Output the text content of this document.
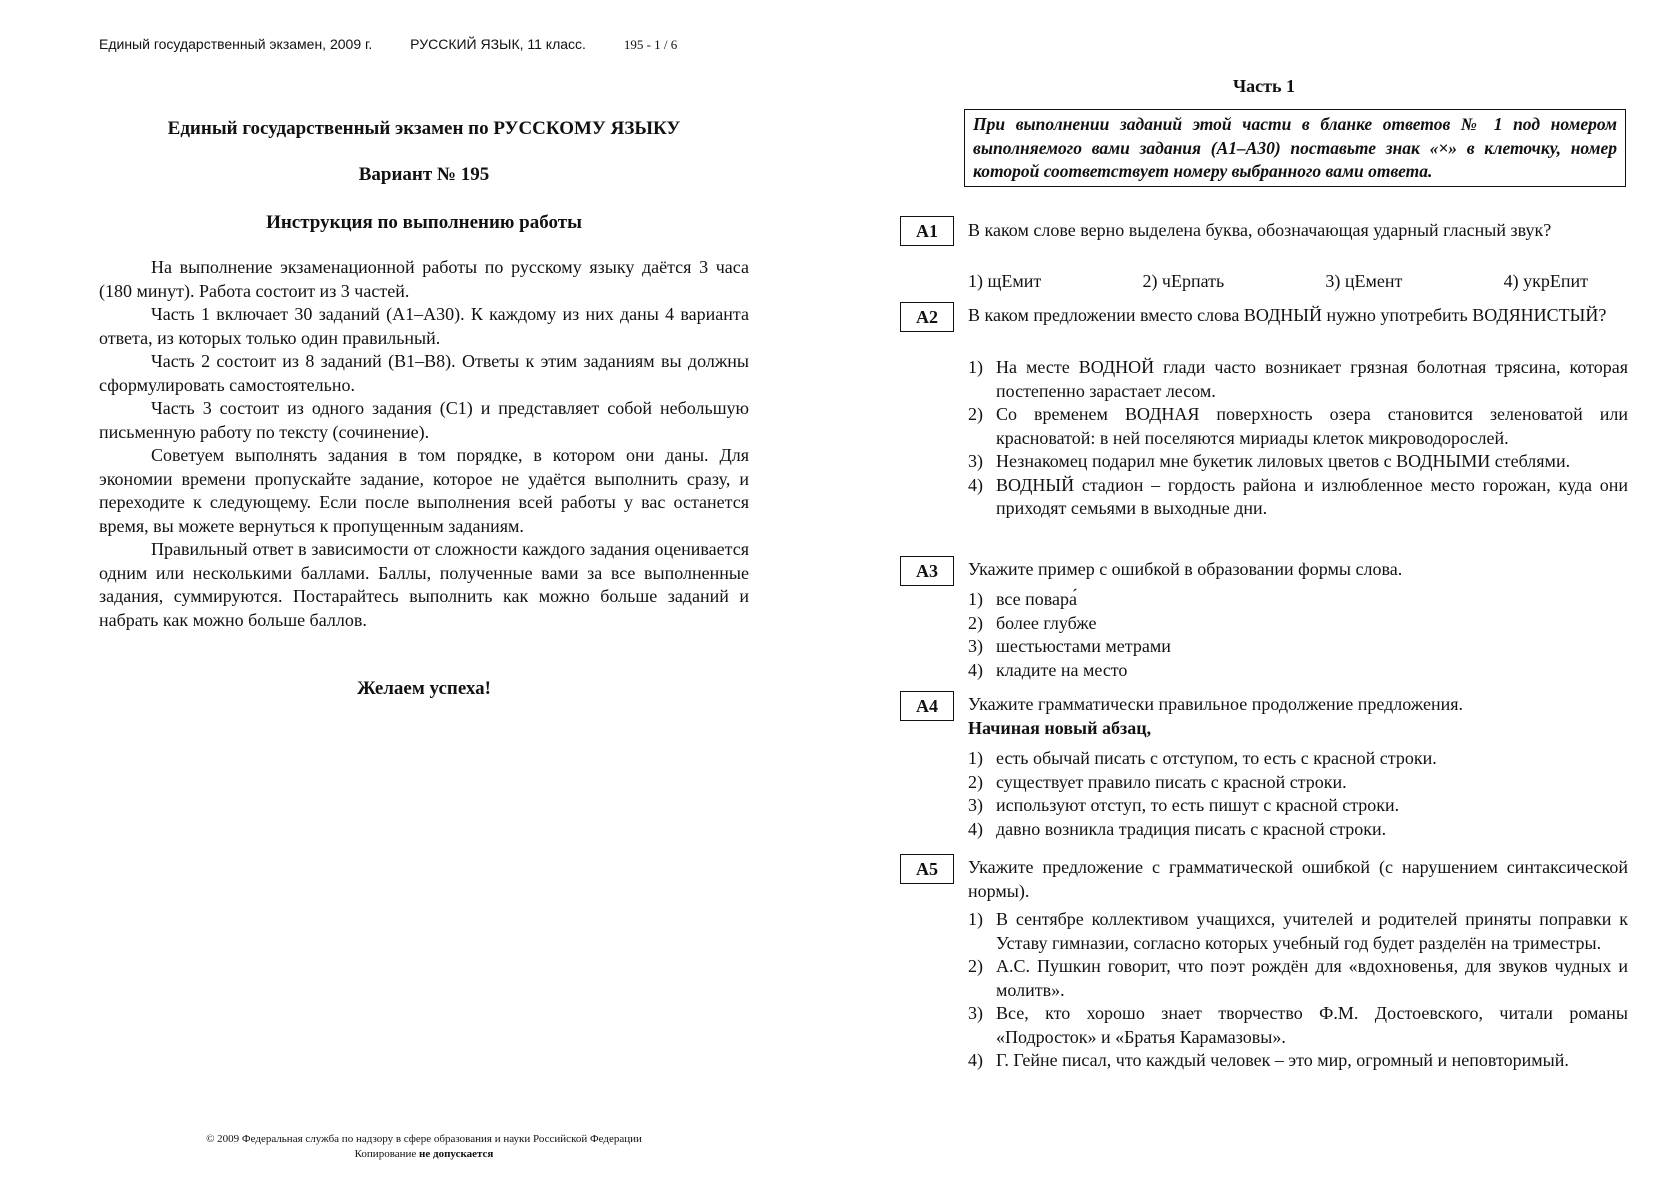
Единый государственный экзамен, 2009 г.	РУССКИЙ ЯЗЫК, 11 класс.	195 - 1 / 6
Единый государственный экзамен по РУССКОМУ ЯЗЫКУ
Вариант № 195
Инструкция по выполнению работы

На выполнение экзаменационной работы по русскому языку даётся 3 часа (180 минут). Работа состоит из 3 частей.

Часть 1 включает 30 заданий (А1–А30). К каждому из них даны 4 варианта ответа, из которых только один правильный.

Часть 2 состоит из 8 заданий (В1–В8). Ответы к этим заданиям вы должны сформулировать самостоятельно.

Часть 3 состоит из одного задания (С1) и представляет собой небольшую письменную работу по тексту (сочинение).

Советуем выполнять задания в том порядке, в котором они даны. Для экономии времени пропускайте задание, которое не удаётся выполнить сразу, и переходите к следующему. Если после выполнения всей работы у вас останется время, вы можете вернуться к пропущенным заданиям.

Правильный ответ в зависимости от сложности каждого задания оценивается одним или несколькими баллами. Баллы, полученные вами за все выполненные задания, суммируются. Постарайтесь выполнить как можно больше заданий и набрать как можно больше баллов.

Желаем успеха!
© 2009 Федеральная служба по надзору в сфере образования и науки Российской Федерации
Копирование не допускается
Часть 1
При выполнении заданий этой части в бланке ответов № 1 под номером выполняемого вами задания (А1–А30) поставьте знак «×» в клеточку, номер которой соответствует номеру выбранного вами ответа.
А1	В каком слове верно выделена буква, обозначающая ударный гласный звук?
1) щЕмит	2) чЕрпать	3) цЕмент	4) укрЕпит
А2	В каком предложении вместо слова ВОДНЫЙ нужно употребить ВОДЯНИСТЫЙ?
1) На месте ВОДНОЙ глади часто возникает грязная болотная трясина, которая постепенно зарастает лесом.
2) Со временем ВОДНАЯ поверхность озера становится зеленоватой или красноватой: в ней поселяются мириады клеток микроводорослей.
3) Незнакомец подарил мне букетик лиловых цветов с ВОДНЫМИ стеблями.
4) ВОДНЫЙ стадион – гордость района и излюбленное место горожан, куда они приходят семьями в выходные дни.
А3	Укажите пример с ошибкой в образовании формы слова.
1) все повара́
2) более глубже
3) шестьюстами метрами
4) кладите на место
А4	Укажите грамматически правильное продолжение предложения.
Начиная новый абзац,
1) есть обычай писать с отступом, то есть с красной строки.
2) существует правило писать с красной строки.
3) используют отступ, то есть пишут с красной строки.
4) давно возникла традиция писать с красной строки.
А5	Укажите предложение с грамматической ошибкой (с нарушением синтаксической нормы).
1) В сентябре коллективом учащихся, учителей и родителей приняты поправки к Уставу гимназии, согласно которых учебный год будет разделён на триместры.
2) А.С. Пушкин говорит, что поэт рождён для «вдохновенья, для звуков чудных и молитв».
3) Все, кто хорошо знает творчество Ф.М. Достоевского, читали романы «Подросток» и «Братья Карамазовы».
4) Г. Гейне писал, что каждый человек – это мир, огромный и неповторимый.
